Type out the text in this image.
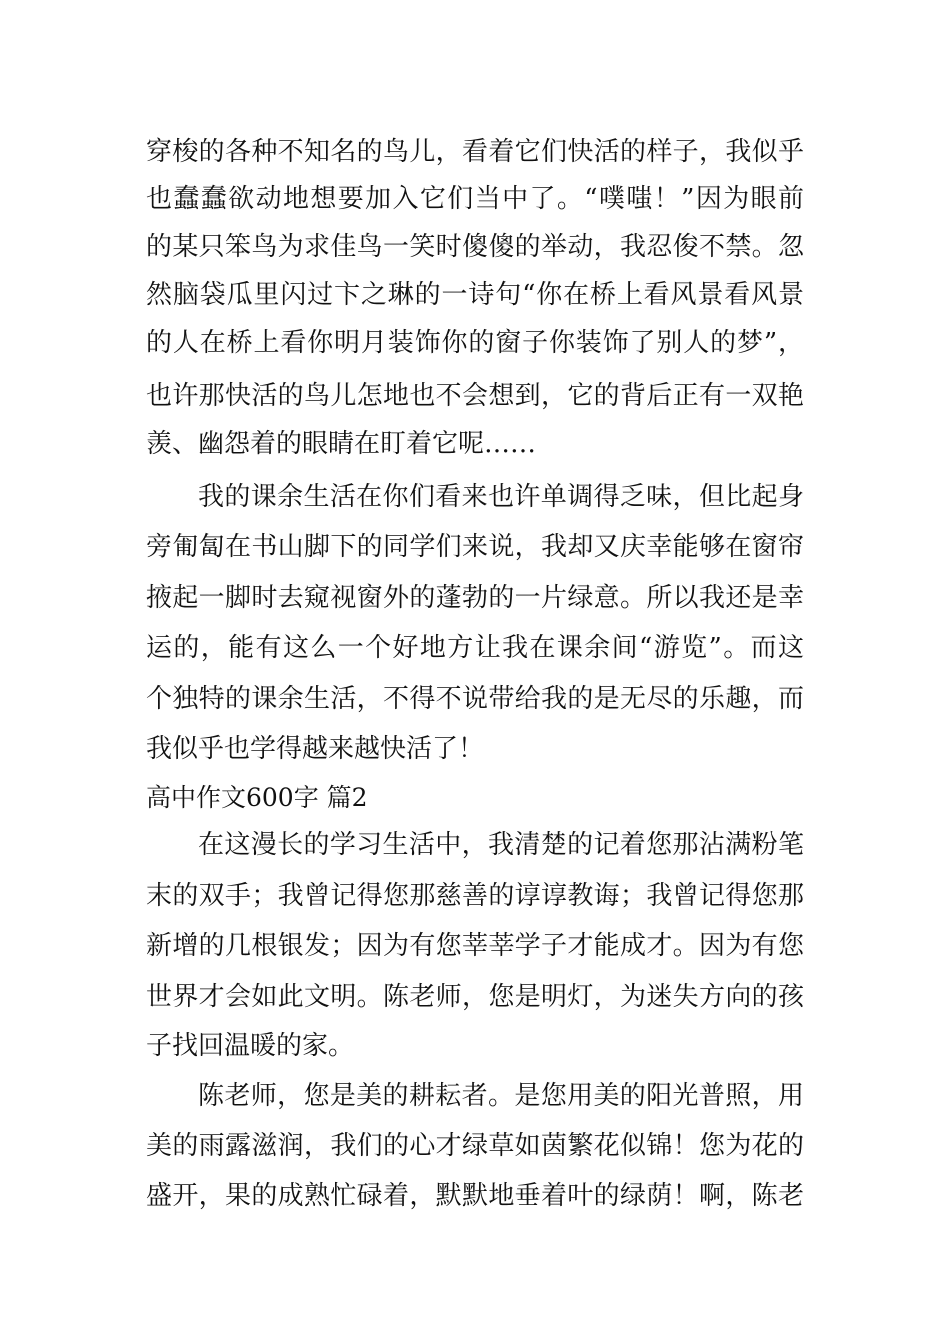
穿梭的各种不知名的鸟儿，看着它们快活的样子，我似乎
也蠢蠢欲动地想要加入它们当中了。“噗嗤！”因为眼前
的某只笨鸟为求佳鸟一笑时傻傻的举动，我忍俊不禁。忽
然脑袋瓜里闪过卞之琳的一诗句“你在桥上看风景看风景
的人在桥上看你明月装饰你的窗子你装饰了别人的梦”，
也许那快活的鸟儿怎地也不会想到，它的背后正有一双艳
羡、幽怨着的眼睛在盯着它呢……
我的课余生活在你们看来也许单调得乏味，但比起身
旁匍匐在书山脚下的同学们来说，我却又庆幸能够在窗帘
掖起一脚时去窥视窗外的蓬勃的一片绿意。所以我还是幸
运的，能有这么一个好地方让我在课余间“游览”。而这
个独特的课余生活，不得不说带给我的是无尽的乐趣，而
我似乎也学得越来越快活了！
高中作文600字 篇2
在这漫长的学习生活中，我清楚的记着您那沾满粉笔
末的双手；我曾记得您那慈善的谆谆教诲；我曾记得您那
新增的几根银发；因为有您莘莘学子才能成才。因为有您
世界才会如此文明。陈老师，您是明灯，为迷失方向的孩
子找回温暖的家。
陈老师，您是美的耕耘者。是您用美的阳光普照，用
美的雨露滋润，我们的心才绿草如茵繁花似锦！您为花的
盛开，果的成熟忙碌着，默默地垂着叶的绿荫！啊，陈老
